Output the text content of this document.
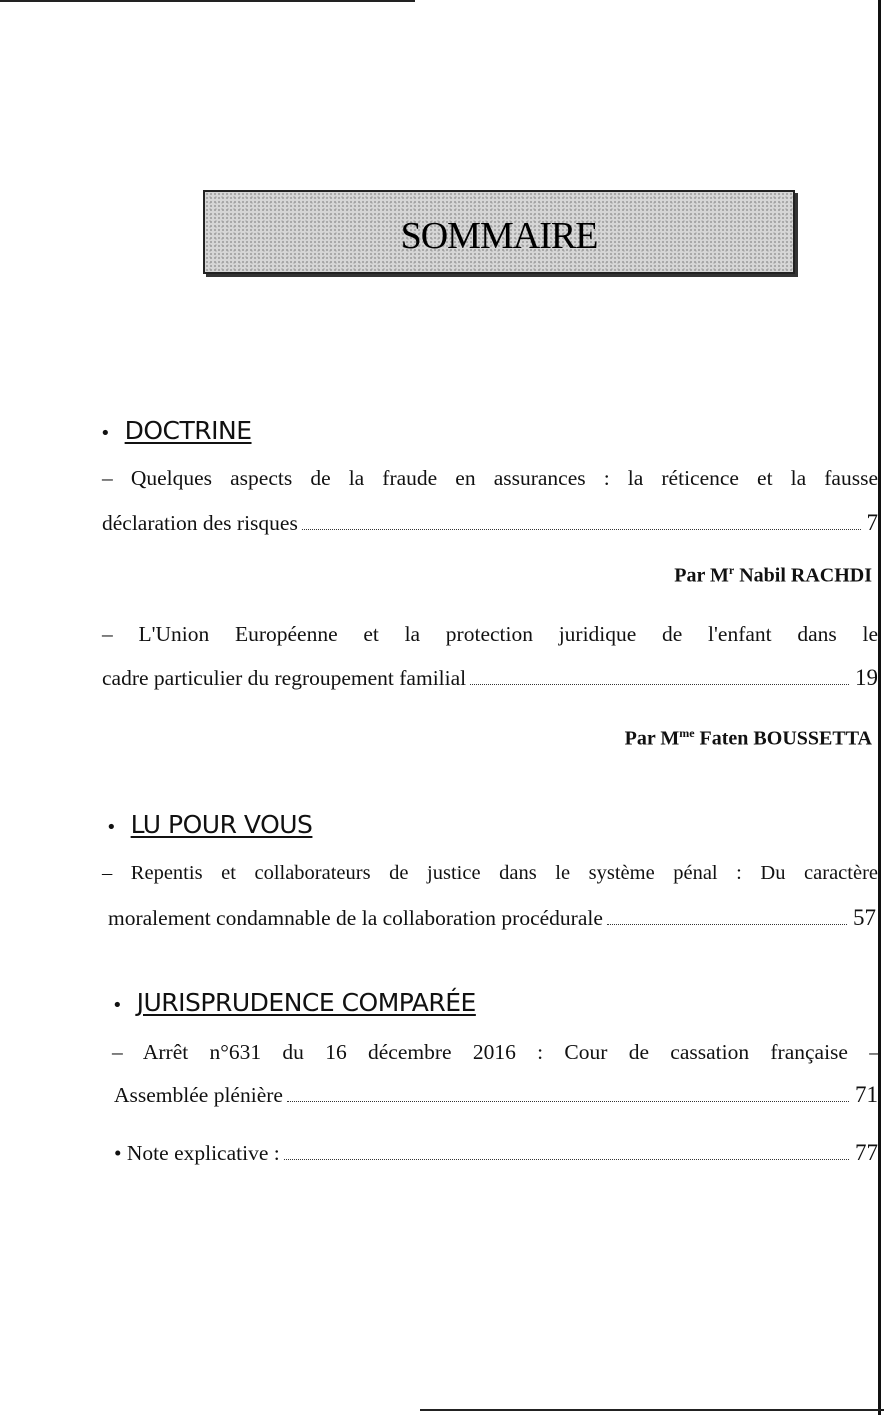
SOMMAIRE
• DOCTRINE
– Quelques aspects de la fraude en assurances : la réticence et la fausse
déclaration des risques	7
Par $M^r$ Nabil RACHDI
– L'Union Européenne et la protection juridique de l'enfant dans le
cadre particulier du regroupement familial	19
Par $M^{me}$ Faten BOUSSETTA
• LU POUR VOUS
– Repentis et collaborateurs de justice dans le système pénal : Du caractère
moralement condamnable de la collaboration procédurale	57
• JURISPRUDENCE COMPARÉE
– Arrêt n°631 du 16 décembre 2016 : Cour de cassation française –
Assemblée plénière	71
• Note explicative :	77
